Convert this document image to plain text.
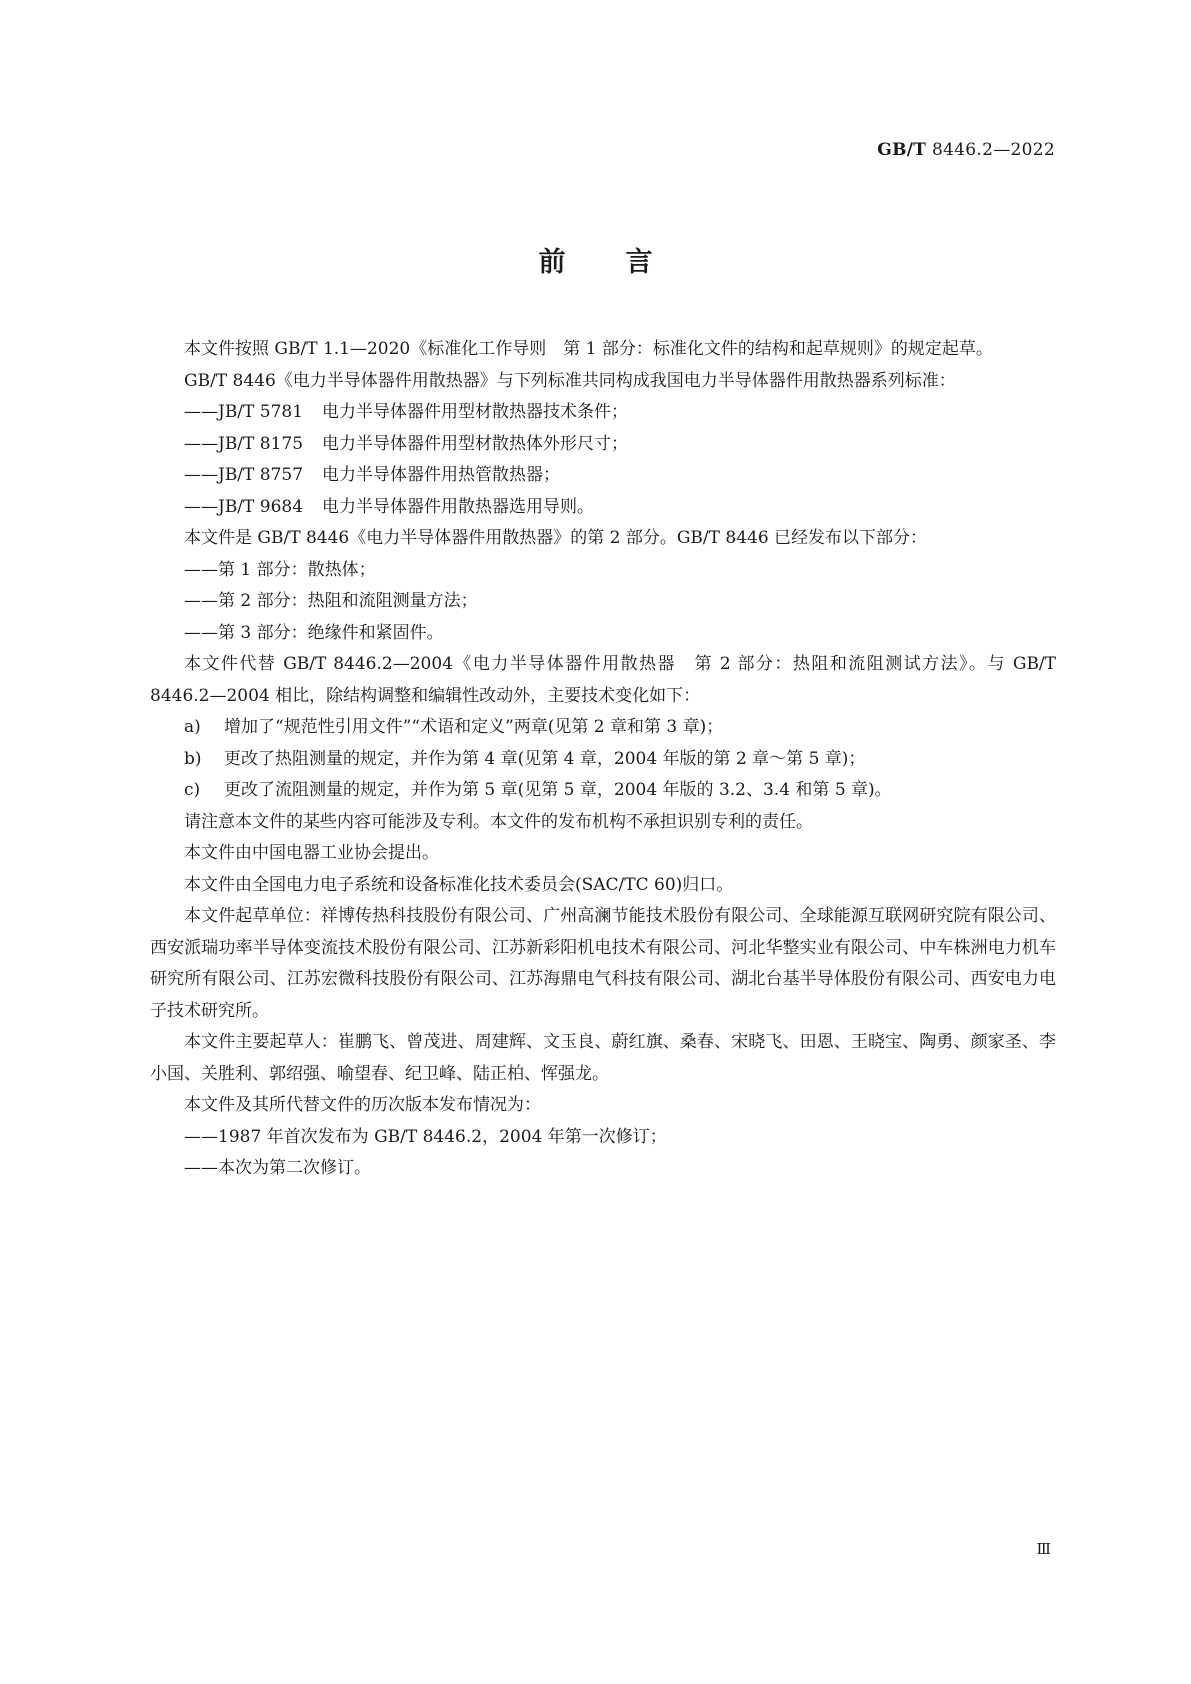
GB/T 8446.2—2022
前言

本文件按照 GB/T 1.1—2020《标准化工作导则　第 1 部分：标准化文件的结构和起草规则》的规定起草。

GB/T 8446《电力半导体器件用散热器》与下列标准共同构成我国电力半导体器件用散热器系列标准：

——JB/T 5781 电力半导体器件用型材散热器技术条件；

——JB/T 8175 电力半导体器件用型材散热体外形尺寸；

——JB/T 8757 电力半导体器件用热管散热器；

——JB/T 9684 电力半导体器件用散热器选用导则。

本文件是 GB/T 8446《电力半导体器件用散热器》的第 2 部分。GB/T 8446 已经发布以下部分：

——第 1 部分：散热体；

——第 2 部分：热阻和流阻测量方法；

——第 3 部分：绝缘件和紧固件。

本文件代替 GB/T 8446.2—2004《电力半导体器件用散热器　第 2 部分：热阻和流阻测试方法》。与 GB/T 8446.2—2004 相比，除结构调整和编辑性改动外，主要技术变化如下：

a) 增加了“规范性引用文件”“术语和定义”两章(见第 2 章和第 3 章)；

b) 更改了热阻测量的规定，并作为第 4 章(见第 4 章，2004 年版的第 2 章～第 5 章)；

c) 更改了流阻测量的规定，并作为第 5 章(见第 5 章，2004 年版的 3.2、3.4 和第 5 章)。

请注意本文件的某些内容可能涉及专利。本文件的发布机构不承担识别专利的责任。

本文件由中国电器工业协会提出。

本文件由全国电力电子系统和设备标准化技术委员会(SAC/TC 60)归口。

本文件起草单位：祥博传热科技股份有限公司、广州高澜节能技术股份有限公司、全球能源互联网研究院有限公司、西安派瑞功率半导体变流技术股份有限公司、江苏新彩阳机电技术有限公司、河北华整实业有限公司、中车株洲电力机车研究所有限公司、江苏宏微科技股份有限公司、江苏海鼎电气科技有限公司、湖北台基半导体股份有限公司、西安电力电子技术研究所。

本文件主要起草人：崔鹏飞、曾茂进、周建辉、文玉良、蔚红旗、桑春、宋晓飞、田恩、王晓宝、陶勇、颜家圣、李小国、关胜利、郭绍强、喻望春、纪卫峰、陆正柏、恽强龙。

本文件及其所代替文件的历次版本发布情况为：

——1987 年首次发布为 GB/T 8446.2，2004 年第一次修订；

——本次为第二次修订。

Ⅲ
